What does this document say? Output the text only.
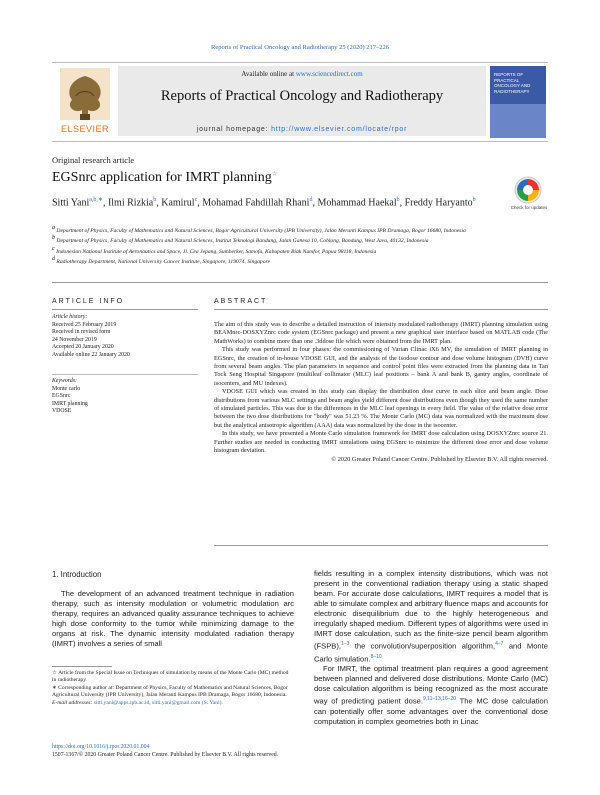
Reports of Practical Oncology and Radiotherapy 25 (2020) 217–226
ELSEVIER
Available online at www.sciencedirect.com
Reports of Practical Oncology and Radiotherapy
journal homepage: http://www.elsevier.com/locate/rpor
REPORTS OF PRACTICAL ONCOLOGY AND RADIOTHERAPY
Original research article
EGSnrc application for IMRT planning☆
Sitti Yani$^{a,b,∗}$, Ilmi Rizkia$^b$, Kamirul$^c$, Mohamad Fahdillah Rhani$^d$, Mohammad Haekal$^b$, Freddy Haryanto$^b$
Check for updates
a Department of Physics, Faculty of Mathematics and Natural Sciences, Bogor Agricultural University (IPB University), Jalan Meranti Kampus IPB Dramaga, Bogor 16680, Indonesia
b Department of Physics, Faculty of Mathematics and Natural Sciences, Institut Teknologi Bandung, Jalan Ganesa 10, Coblong, Bandung, West Java, 40132, Indonesia
c Indonesian National Institute of Aeronautics and Space, Jl. Cea Jepang, Sumberker, Samofa, Kabupaten Biak Numfor, Papua 98118, Indonesia
d Radiotherapy Department, National University Cancer Institute, Singapore, 119074, Singapore
ARTICLE INFO	ABSTRACT
Article history:
Received 25 February 2019
Received in revised form
24 November 2019
Accepted 20 January 2020
Available online 22 January 2020
Keywords:
Monte carlo
EGSnrc
IMRT planning
VDOSE

The aim of this study was to describe a detailed instruction of intensity modulated radiotherapy (IMRT) planning simulation using BEAMnrc-DOSXYZnrc code system (EGSnrc package) and present a new graphical user interface based on MATLAB code (The MathWorks) to combine more than one .3ddose file which were obtained from the IMRT plan.

This study was performed in four phases: the commissioning of Varian Clinac iX6 MV, the simulation of IMRT planning in EGSnrc, the creation of in-house VDOSE GUI, and the analysis of the isodose contour and dose volume histogram (DVH) curve from several beam angles. The plan parameters in sequence and control point files were extracted from the planning data in Tan Tock Seng Hospital Singapore (multileaf collimator (MLC) leaf positions – bank A and bank B, gantry angles, coordinate of isocenters, and MU indexes).

VDOSE GUI which was created in this study can display the distribution dose curve in each slice and beam angle. Dose distributions from various MLC settings and beam angles yield different dose distributions even though they used the same number of simulated particles. This was due to the differences in the MLC leaf openings in every field. The value of the relative dose error between the two dose distributions for "body" was 51.23 %. The Monte Carlo (MC) data was normalized with the maximum dose but the analytical anisotropic algorithm (AAA) data was normalized by the dose in the isocenter.

In this study, we have presented a Monte Carlo simulation framework for IMRT dose calculation using DOSXYZnrc source 21. Further studies are needed in conducting IMRT simulations using EGSnrc to minimize the different dose error and dose volume histogram deviation.

© 2020 Greater Poland Cancer Centre. Published by Elsevier B.V. All rights reserved.
1. Introduction
The development of an advanced treatment technique in radiation therapy, such as intensity modulation or volumetric modulation arc therapy, requires an advanced quality assurance techniques to achieve high dose conformity to the tumor while minimizing damage to the organs at risk. The dynamic intensity modulated radiation therapy (IMRT) involves a series of small

fields resulting in a complex intensity distributions, which was not present in the conventional radiation therapy using a static shaped beam. For accurate dose calculations, IMRT requires a model that is able to simulate complex and arbitrary fluence maps and accounts for electronic disequilibrium due to the highly heterogeneous and irregularly shaped medium. Different types of algorithms were used in IMRT dose calculation, such as the finite-size pencil beam algorithm (FSPB),$^{1-3}$ the convolution/superposition algorithm,$^{4-7}$ and Monte Carlo simulation.$^{8-10}$

For IMRT, the optimal treatment plan requires a good agreement between planned and delivered dose distributions. Monte Carlo (MC) dose calculation algorithm is being recognized as the most accurate way of predicting patient dose.$^{9,11-13,16-20}$ The MC dose calculation can potentially offer some advantages over the conventional dose computation in complex geometries both in Linac

☆ Article from the Special Issue on Techniques of simulation by means of the Monte Carlo (MC) method in radiotherapy.
∗ Corresponding author at: Department of Physics, Faculty of Mathematics and Natural Sciences, Bogor Agricultural University (IPB University), Jalan Meranti Kampus IPB Dramaga, Bogor 16680, Indonesia.
E-mail addresses: sitti.yani@apps.ipb.ac.id, sitti.yani@gmail.com (S. Yani).
https://doi.org/10.1016/j.rpor.2020.01.004
1507-1367/© 2020 Greater Poland Cancer Centre. Published by Elsevier B.V. All rights reserved.
